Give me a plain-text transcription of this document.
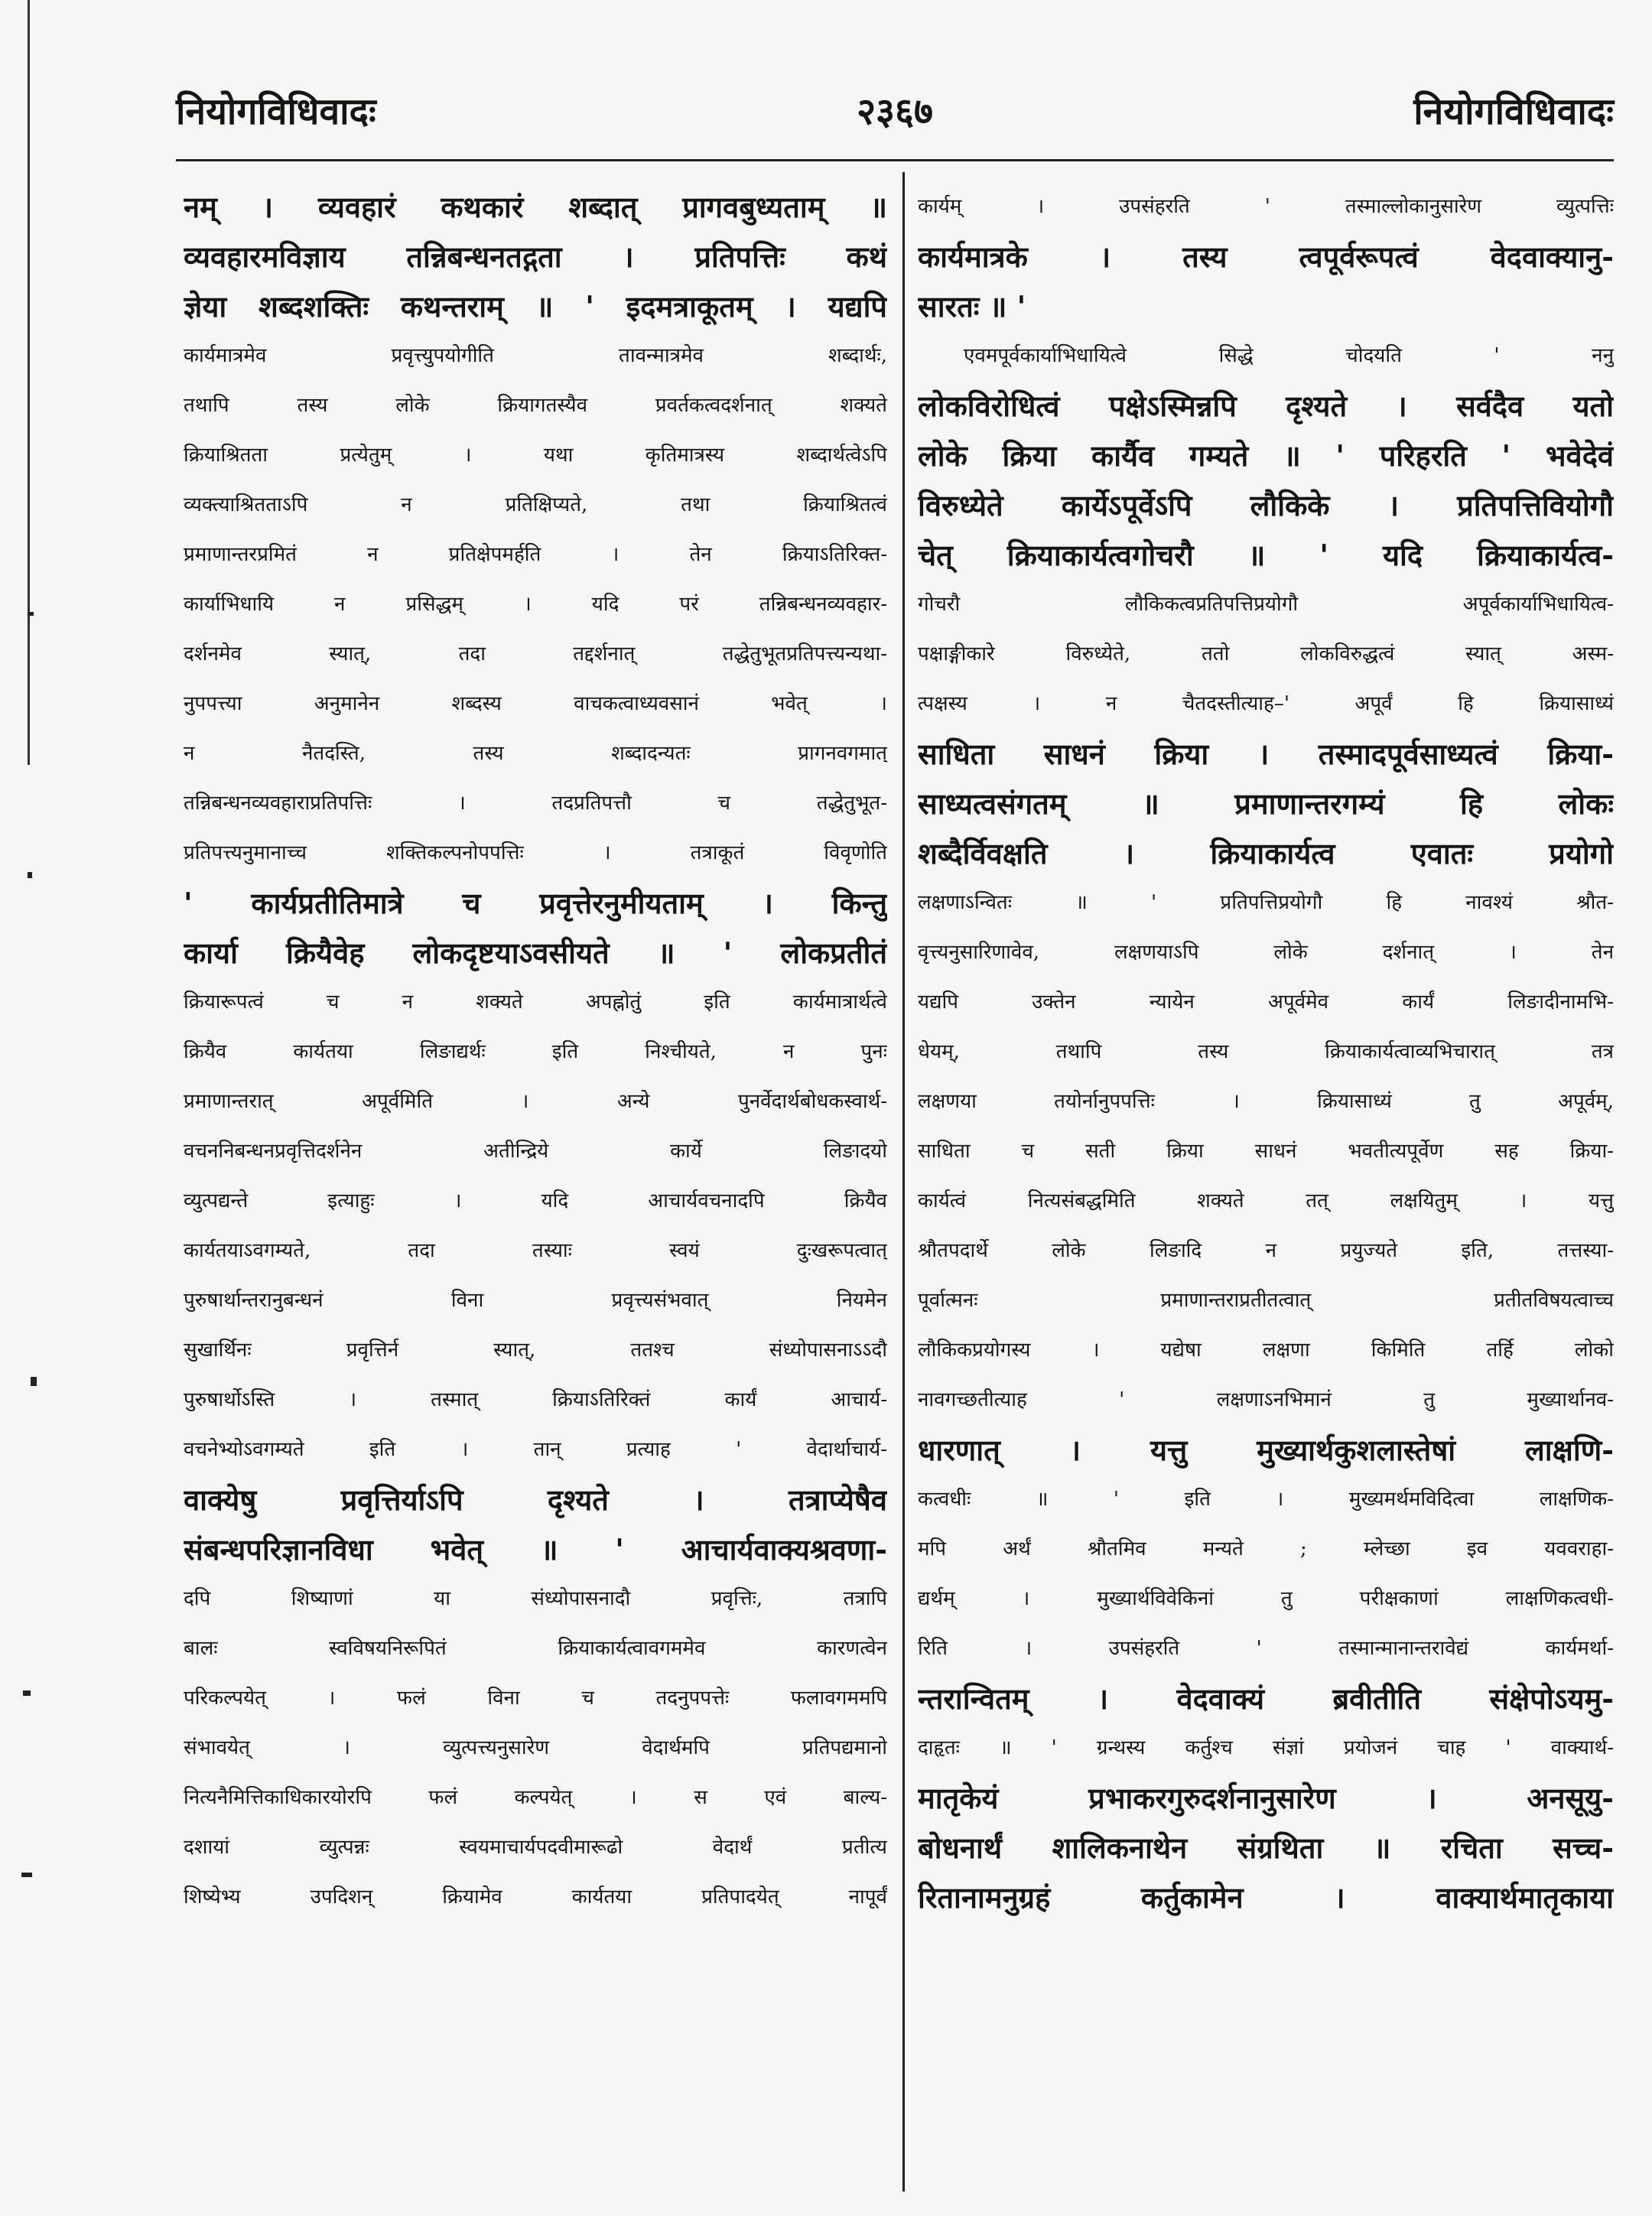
नियोगविधिवादः	२३६७	नियोगविधिवादः
नम् । व्यवहारं कथकारं शब्दात् प्रागवबुध्यताम् ॥
व्यवहारमविज्ञाय तन्निबन्धनतद्गता । प्रतिपत्तिः कथं
ज्ञेया शब्दशक्तिः कथन्तराम् ॥ ' इदमत्राकूतम् । यद्यपि
कार्यमात्रमेव प्रवृत्त्युपयोगीति तावन्मात्रमेव शब्दार्थः,
तथापि तस्य लोके क्रियागतस्यैव प्रवर्तकत्वदर्शनात् शक्यते
क्रियाश्रितता प्रत्येतुम् । यथा कृतिमात्रस्य शब्दार्थत्वेऽपि
व्यक्त्याश्रितताऽपि न प्रतिक्षिप्यते, तथा क्रियाश्रितत्वं
प्रमाणान्तरप्रमितं न प्रतिक्षेपमर्हति । तेन क्रियाऽतिरिक्त-
कार्याभिधायि न प्रसिद्धम् । यदि परं तन्निबन्धनव्यवहार-
दर्शनमेव स्यात्, तदा तद्दर्शनात् तद्धेतुभूतप्रतिपत्त्यन्यथा-
नुपपत्त्या अनुमानेन शब्दस्य वाचकत्वाध्यवसानं भवेत् ।
न नैतदस्ति, तस्य शब्दादन्यतः प्रागनवगमात्
तन्निबन्धनव्यवहाराप्रतिपत्तिः । तदप्रतिपत्तौ च तद्धेतुभूत-
प्रतिपत्त्यनुमानाच्च शक्तिकल्पनोपपत्तिः । तत्राकूतं विवृणोति
' कार्यप्रतीतिमात्रे च प्रवृत्तेरनुमीयताम् । किन्तु
कार्या क्रियैवेह लोकदृष्टयाऽवसीयते ॥ ' लोकप्रतीतं
क्रियारूपत्वं च न शक्यते अपह्नोतुं इति कार्यमात्रार्थत्वे
क्रियैव कार्यतया लिङाद्यर्थः इति निश्चीयते, न पुनः
प्रमाणान्तरात् अपूर्वमिति । अन्ये पुनर्वेदार्थबोधकस्वार्थ-
वचननिबन्धनप्रवृत्तिदर्शनेन अतीन्द्रिये कार्ये लिङादयो
व्युत्पद्यन्ते इत्याहुः । यदि आचार्यवचनादपि क्रियैव
कार्यतयाऽवगम्यते, तदा तस्याः स्वयं दुःखरूपत्वात्
पुरुषार्थान्तरानुबन्धनं विना प्रवृत्त्यसंभवात् नियमेन
सुखार्थिनः प्रवृत्तिर्न स्यात्, ततश्च संध्योपासनाऽऽदौ
पुरुषार्थोऽस्ति । तस्मात् क्रियाऽतिरिक्तं कार्यं आचार्य-
वचनेभ्योऽवगम्यते इति । तान् प्रत्याह ' वेदार्थाचार्य-
वाक्येषु प्रवृत्तिर्याऽपि दृश्यते । तत्राप्येषैव
संबन्धपरिज्ञानविधा भवेत् ॥ ' आचार्यवाक्यश्रवणा-
दपि शिष्याणां या संध्योपासनादौ प्रवृत्तिः, तत्रापि
बालः स्वविषयनिरूपितं क्रियाकार्यत्वावगममेव कारणत्वेन
परिकल्पयेत् । फलं विना च तदनुपपत्तेः फलावगममपि
संभावयेत् । व्युत्पत्त्यनुसारेण वेदार्थमपि प्रतिपद्यमानो
नित्यनैमित्तिकाधिकारयोरपि फलं कल्पयेत् । स एवं बाल्य-
दशायां व्युत्पन्नः स्वयमाचार्यपदवीमारूढो वेदार्थं प्रतीत्य
शिष्येभ्य उपदिशन् क्रियामेव कार्यतया प्रतिपादयेत् नापूर्वं
कार्यम् । उपसंहरति ' तस्माल्लोकानुसारेण व्युत्पत्तिः
कार्यमात्रके । तस्य त्वपूर्वरूपत्वं वेदवाक्यानु-
सारतः ॥ '
एवमपूर्वकार्याभिधायित्वे सिद्धे चोदयति ' ननु
लोकविरोधित्वं पक्षेऽस्मिन्नपि दृश्यते । सर्वदैव यतो
लोके क्रिया कार्यैव गम्यते ॥ ' परिहरति ' भवेदेवं
विरुध्येते कार्येऽपूर्वेऽपि लौकिके । प्रतिपत्तिवियोगौ
चेत् क्रियाकार्यत्वगोचरौ ॥ ' यदि क्रियाकार्यत्व-
गोचरौ लौकिकत्वप्रतिपत्तिप्रयोगौ अपूर्वकार्याभिधायित्व-
पक्षाङ्गीकारे विरुध्येते, ततो लोकविरुद्धत्वं स्यात् अस्म-
त्पक्षस्य । न चैतदस्तीत्याह–' अपूर्वं हि क्रियासाध्यं
साधिता साधनं क्रिया । तस्मादपूर्वसाध्यत्वं क्रिया-
साध्यत्वसंगतम् ॥ प्रमाणान्तरगम्यं हि लोकः
शब्दैर्विवक्षति । क्रियाकार्यत्व एवातः प्रयोगो
लक्षणाऽन्वितः ॥ ' प्रतिपत्तिप्रयोगौ हि नावश्यं श्रौत-
वृत्त्यनुसारिणावेव, लक्षणयाऽपि लोके दर्शनात् । तेन
यद्यपि उक्तेन न्यायेन अपूर्वमेव कार्यं लिङादीनामभि-
धेयम्, तथापि तस्य क्रियाकार्यत्वाव्यभिचारात् तत्र
लक्षणया तयोर्नानुपपत्तिः । क्रियासाध्यं तु अपूर्वम्,
साधिता च सती क्रिया साधनं भवतीत्यपूर्वेण सह क्रिया-
कार्यत्वं नित्यसंबद्धमिति शक्यते तत् लक्षयितुम् । यत्तु
श्रौतपदार्थे लोके लिङादि न प्रयुज्यते इति, तत्तस्या-
पूर्वात्मनः प्रमाणान्तराप्रतीतत्वात् प्रतीतविषयत्वाच्च
लौकिकप्रयोगस्य । यद्येषा लक्षणा किमिति तर्हि लोको
नावगच्छतीत्याह ' लक्षणाऽनभिमानं तु मुख्यार्थानव-
धारणात् । यत्तु मुख्यार्थकुशलास्तेषां लाक्षणि-
कत्वधीः ॥ ' इति । मुख्यमर्थमविदित्वा लाक्षणिक-
मपि अर्थं श्रौतमिव मन्यते ; म्लेच्छा इव यववराहा-
द्यर्थम् । मुख्यार्थविवेकिनां तु परीक्षकाणां लाक्षणिकत्वधी-
रिति । उपसंहरति ' तस्मान्मानान्तरावेद्यं कार्यमर्था-
न्तरान्वितम् । वेदवाक्यं ब्रवीतीति संक्षेपोऽयमु-
दाहृतः ॥ ' ग्रन्थस्य कर्तुश्च संज्ञां प्रयोजनं चाह ' वाक्यार्थ-
मातृकेयं प्रभाकरगुरुदर्शनानुसारेण । अनसूयु-
बोधनार्थं शालिकनाथेन संग्रथिता ॥ रचिता सच्च-
रितानामनुग्रहं कर्तुकामेन । वाक्यार्थमातृकाया
